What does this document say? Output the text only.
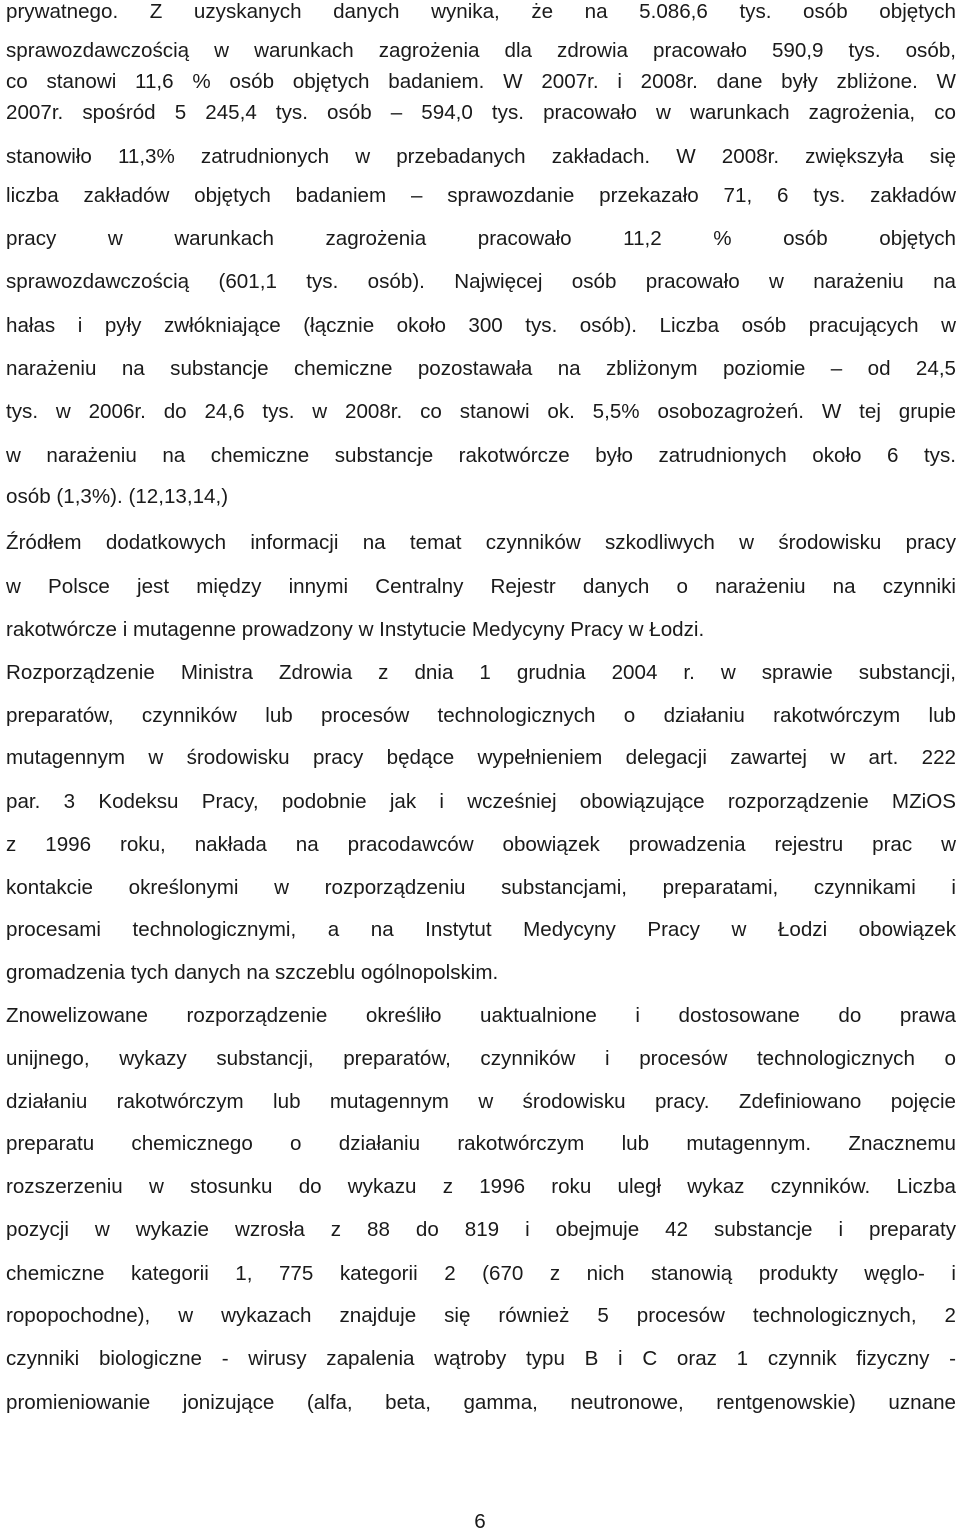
prywatnego. Z uzyskanych danych wynika, że na 5.086,6 tys. osób objętych
sprawozdawczością w warunkach zagrożenia dla zdrowia pracowało 590,9 tys. osób,
co stanowi 11,6 % osób objętych badaniem. W 2007r. i 2008r. dane były zbliżone. W
2007r. spośród 5 245,4 tys. osób – 594,0 tys. pracowało w warunkach zagrożenia, co
stanowiło 11,3% zatrudnionych w przebadanych zakładach. W 2008r. zwiększyła się
liczba zakładów objętych badaniem – sprawozdanie przekazało 71, 6 tys. zakładów
pracy w warunkach zagrożenia pracowało 11,2 % osób objętych
sprawozdawczością (601,1 tys. osób). Najwięcej osób pracowało w narażeniu na
hałas i pyły zwłókniające (łącznie około 300 tys. osób). Liczba osób pracujących w
narażeniu na substancje chemiczne pozostawała na zbliżonym poziomie – od 24,5
tys. w 2006r. do 24,6 tys. w 2008r. co stanowi ok. 5,5% osobozagrożeń. W tej grupie
w narażeniu na chemiczne substancje rakotwórcze było zatrudnionych około 6 tys.
osób (1,3%). (12,13,14,)
Źródłem dodatkowych informacji na temat czynników szkodliwych w środowisku pracy
w Polsce jest między innymi Centralny Rejestr danych o narażeniu na czynniki
rakotwórcze i mutagenne prowadzony w Instytucie Medycyny Pracy w Łodzi.
Rozporządzenie Ministra Zdrowia z dnia 1 grudnia 2004 r. w sprawie substancji,
preparatów, czynników lub procesów technologicznych o działaniu rakotwórczym lub
mutagennym w środowisku pracy będące wypełnieniem delegacji zawartej w art. 222
par. 3 Kodeksu Pracy, podobnie jak i wcześniej obowiązujące rozporządzenie MZiOS
z 1996 roku, nakłada na pracodawców obowiązek prowadzenia rejestru prac w
kontakcie określonymi w rozporządzeniu substancjami, preparatami, czynnikami i
procesami technologicznymi, a na Instytut Medycyny Pracy w Łodzi obowiązek
gromadzenia tych danych na szczeblu ogólnopolskim.
Znowelizowane rozporządzenie określiło uaktualnione i dostosowane do prawa
unijnego, wykazy substancji, preparatów, czynników i procesów technologicznych o
działaniu rakotwórczym lub mutagennym w środowisku pracy. Zdefiniowano pojęcie
preparatu chemicznego o działaniu rakotwórczym lub mutagennym. Znacznemu
rozszerzeniu w stosunku do wykazu z 1996 roku uległ wykaz czynników. Liczba
pozycji w wykazie wzrosła z 88 do 819 i obejmuje 42 substancje i preparaty
chemiczne kategorii 1, 775 kategorii 2 (670 z nich stanowią produkty węglo- i
ropopochodne), w wykazach znajduje się również 5 procesów technologicznych, 2
czynniki biologiczne - wirusy zapalenia wątroby typu B i C oraz 1 czynnik fizyczny -
promieniowanie jonizujące (alfa, beta, gamma, neutronowe, rentgenowskie) uznane
6
